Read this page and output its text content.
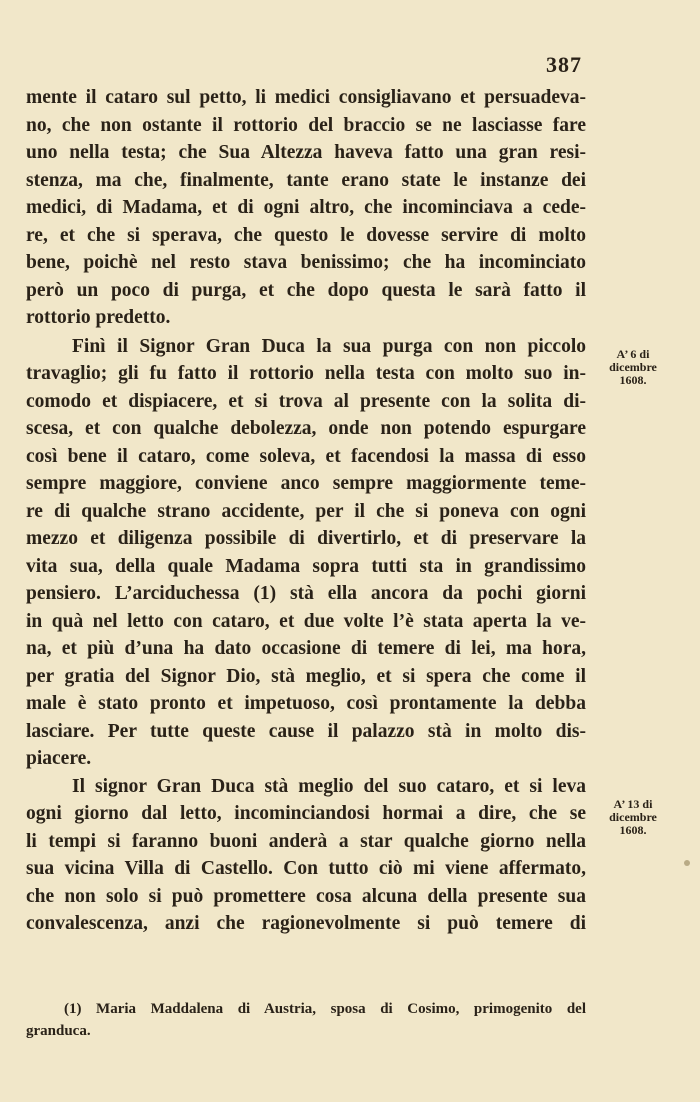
387
mente il cataro sul petto, li medici consigliavano et persuadeva-
no, che non ostante il rottorio del braccio se ne lasciasse fare
uno nella testa; che Sua Altezza haveva fatto una gran resi-
stenza, ma che, finalmente, tante erano state le instanze dei
medici, di Madama, et di ogni altro, che incominciava a cede-
re, et che si sperava, che questo le dovesse servire di molto
bene, poichè nel resto stava benissimo; che ha incominciato
però un poco di purga, et che dopo questa le sarà fatto il
rottorio predetto.
Finì il Signor Gran Duca la sua purga con non piccolo
travaglio; gli fu fatto il rottorio nella testa con molto suo in-
comodo et dispiacere, et si trova al presente con la solita di-
scesa, et con qualche debolezza, onde non potendo espurgare
così bene il cataro, come soleva, et facendosi la massa di esso
sempre maggiore, conviene anco sempre maggiormente teme-
re di qualche strano accidente, per il che si poneva con ogni
mezzo et diligenza possibile di divertirlo, et di preservare la
vita sua, della quale Madama sopra tutti sta in grandissimo
pensiero. L’arciduchessa (1) stà ella ancora da pochi giorni
in quà nel letto con cataro, et due volte l’è stata aperta la ve-
na, et più d’una ha dato occasione di temere di lei, ma hora,
per gratia del Signor Dio, stà meglio, et si spera che come il
male è stato pronto et impetuoso, così prontamente la debba
lasciare. Per tutte queste cause il palazzo stà in molto dis-
piacere.
Il signor Gran Duca stà meglio del suo cataro, et si leva
ogni giorno dal letto, incominciandosi hormai a dire, che se
li tempi si faranno buoni anderà a star qualche giorno nella
sua vicina Villa di Castello. Con tutto ciò mi viene affermato,
che non solo si può promettere cosa alcuna della presente sua
convalescenza, anzi che ragionevolmente si può temere di
A’ 6 di
dicembre
1608.
A’ 13 di
dicembre
1608.
(1) Maria Maddalena di Austria, sposa di Cosimo, primogenito del
granduca.
